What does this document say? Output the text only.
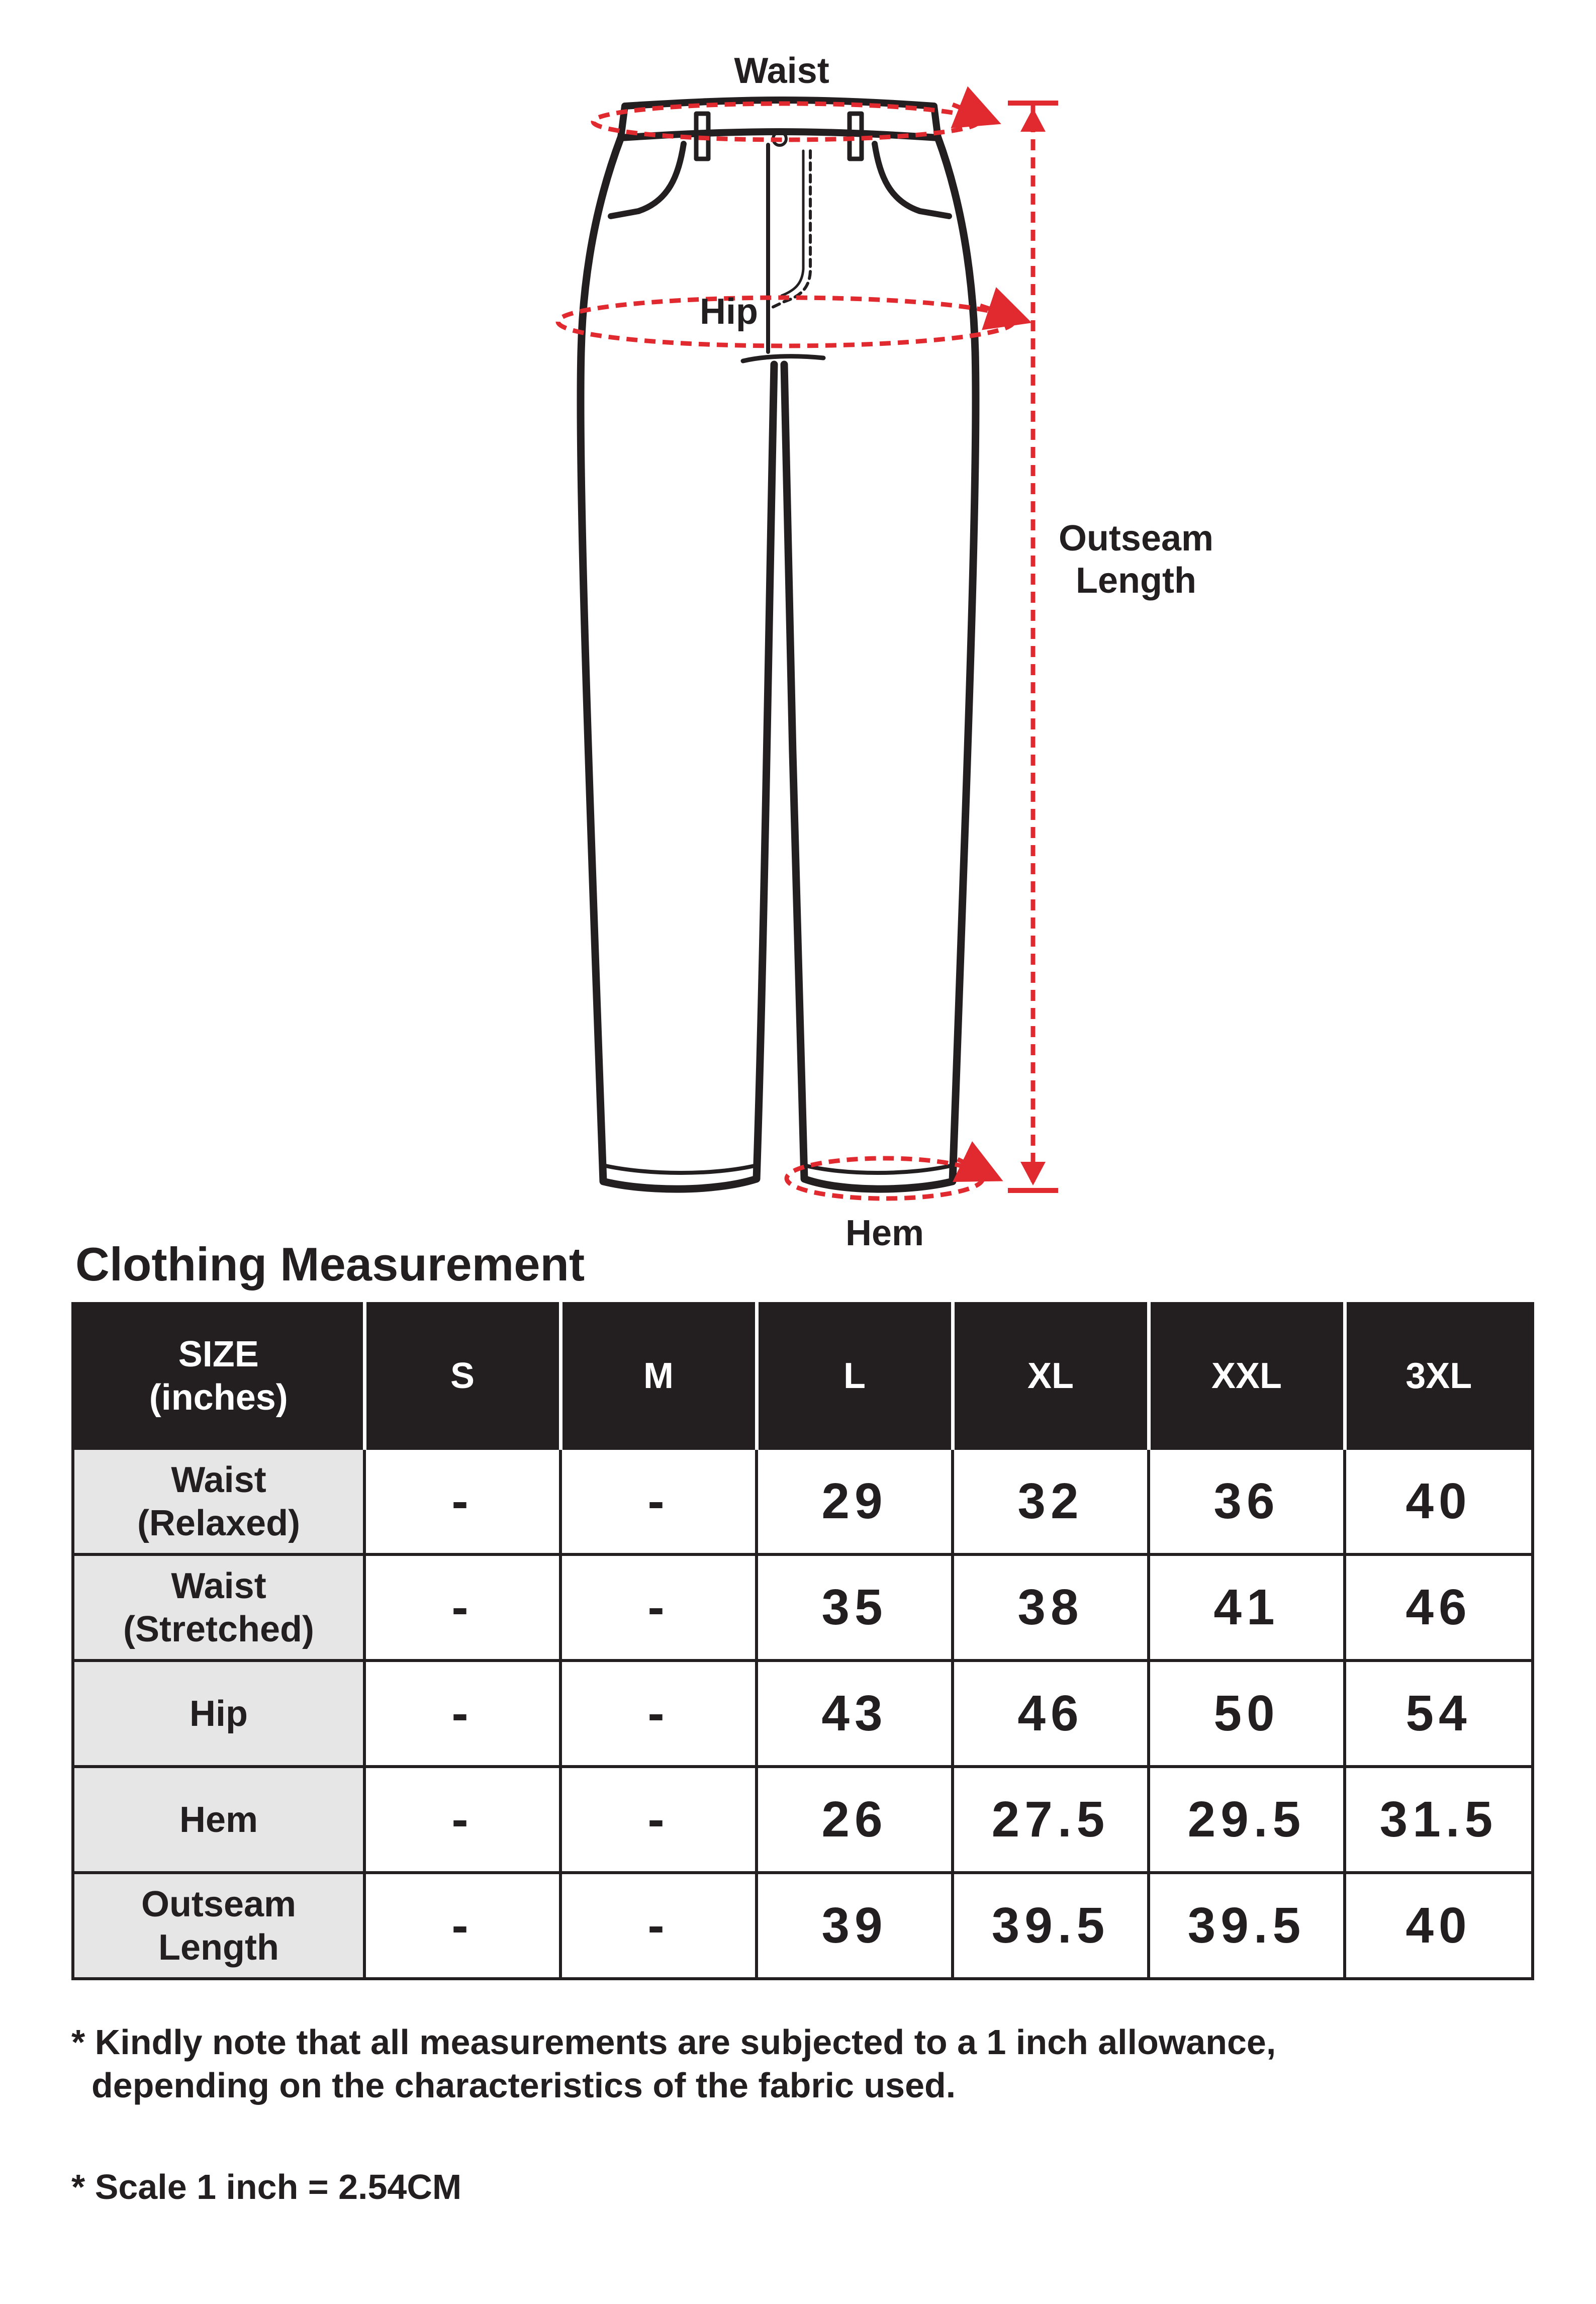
Waist
Hip
Outseam
Length
Hem
Clothing Measurement
SIZE
(inches)	S	M	L	XL	XXL	3XL

Waist
(Relaxed)	-	-	29	32	36	40

Waist
(Stretched)	-	-	35	38	41	46

Hip	-	-	43	46	50	54

Hem	-	-	26	27.5	29.5	31.5

Outseam
Length	-	-	39	39.5	39.5	40
* Kindly note that all measurements are subjected to a 1 inch allowance,
depending on the characteristics of the fabric used.
* Scale 1 inch = 2.54CM
